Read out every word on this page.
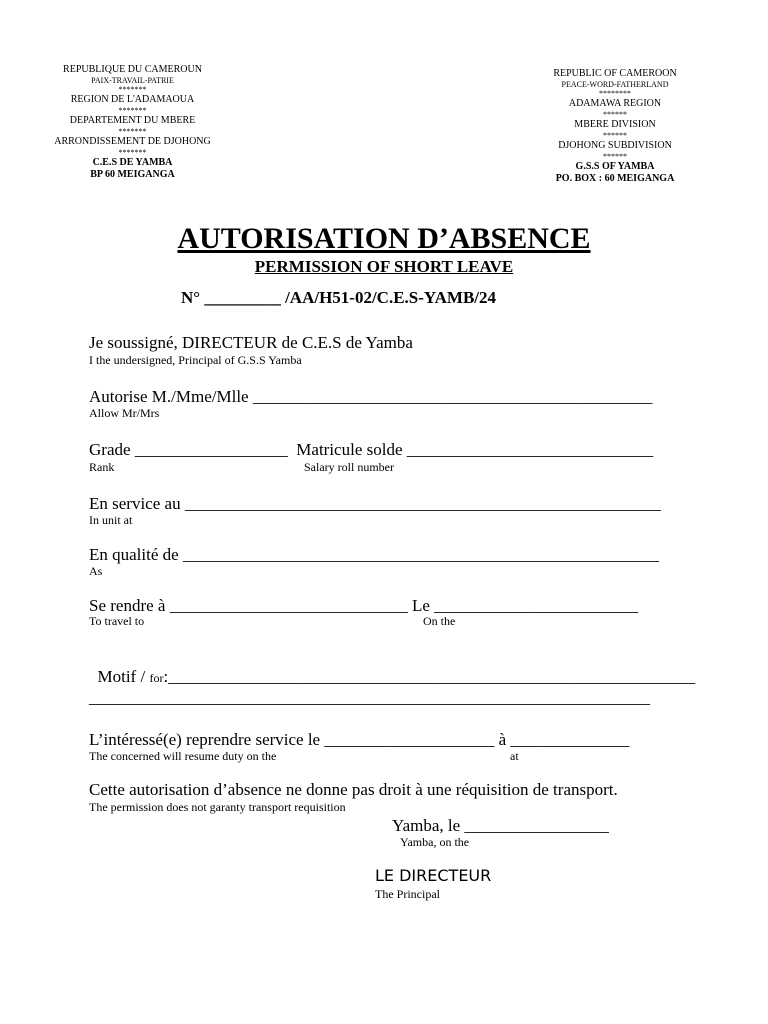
REPUBLIQUE DU CAMEROUN
PAIX-TRAVAIL-PATRIE
*******
REGION DE L'ADAMAOUA
*******
DEPARTEMENT DU MBERE
*******
ARRONDISSEMENT DE DJOHONG
*******
C.E.S DE YAMBA
BP 60 MEIGANGA
REPUBLIC OF CAMEROON
PEACE-WORD-FATHERLAND
********
ADAMAWA REGION
******
MBERE DIVISION
******
DJOHONG SUBDIVISION
******
G.S.S OF YAMBA
PO. BOX : 60 MEIGANGA
AUTORISATION D’ABSENCE
PERMISSION OF SHORT LEAVE
N° _________ /AA/H51-02/C.E.S-YAMB/24
Je soussigné, DIRECTEUR de C.E.S de Yamba
I the undersigned, Principal of G.S.S Yamba
Autorise M./Mme/Mlle _______________________________________________
Allow Mr/Mrs
Grade __________________  Matricule solde _____________________________
Rank	Salary roll number
En service au ________________________________________________________
In unit at
En qualité de ________________________________________________________
As
Se rendre à ____________________________ Le ________________________
To travel to	On the

Motif / for:______________________________________________________________

__________________________________________________________________
L’intéressé(e) reprendre service le ____________________ à ______________
The concerned will resume duty on the	at
Cette autorisation d’absence ne donne pas droit à une réquisition de transport.
The permission does not garanty transport requisition
Yamba, le _________________
Yamba, on the
LE DIRECTEUR
The Principal
